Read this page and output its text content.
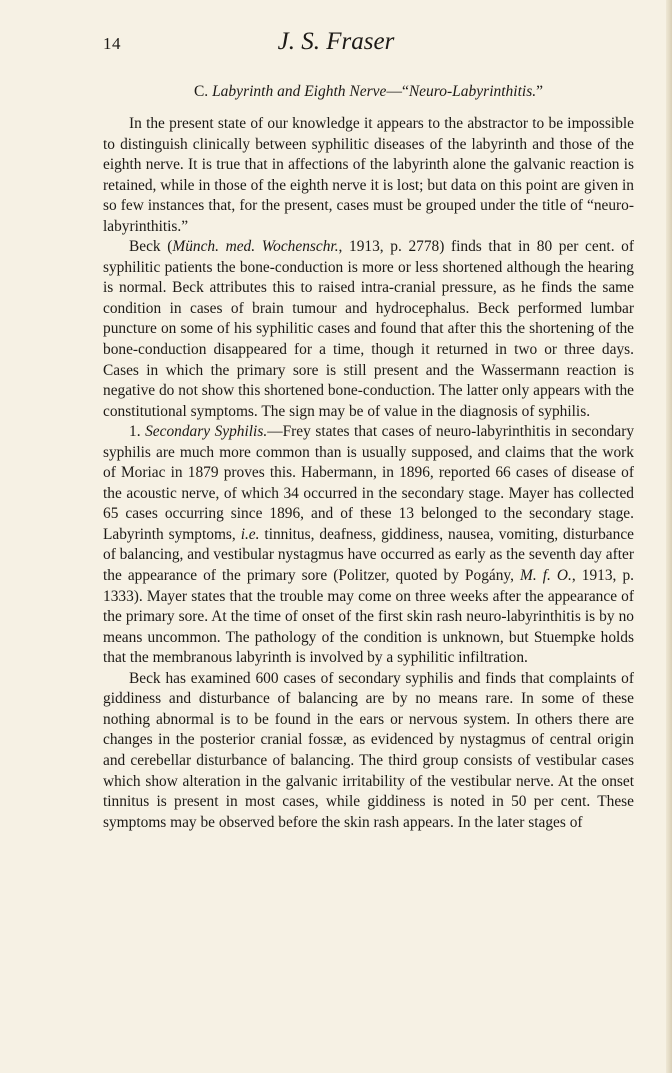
14	J. S. Fraser
C. Labyrinth and Eighth Nerve—“Neuro-Labyrinthitis.”

In the present state of our knowledge it appears to the abstractor to be impossible to distinguish clinically between syphilitic diseases of the labyrinth and those of the eighth nerve. It is true that in affections of the labyrinth alone the galvanic reaction is retained, while in those of the eighth nerve it is lost; but data on this point are given in so few instances that, for the present, cases must be grouped under the title of “neuro-labyrinthitis.”

Beck (Münch. med. Wochenschr., 1913, p. 2778) finds that in 80 per cent. of syphilitic patients the bone-conduction is more or less shortened although the hearing is normal. Beck attributes this to raised intra-cranial pressure, as he finds the same condition in cases of brain tumour and hydrocephalus. Beck performed lumbar puncture on some of his syphilitic cases and found that after this the shortening of the bone-conduction disappeared for a time, though it returned in two or three days. Cases in which the primary sore is still present and the Wassermann reaction is negative do not show this shortened bone-conduction. The latter only appears with the constitutional symptoms. The sign may be of value in the diagnosis of syphilis.

1. Secondary Syphilis.—Frey states that cases of neuro-labyrinthitis in secondary syphilis are much more common than is usually supposed, and claims that the work of Moriac in 1879 proves this. Habermann, in 1896, reported 66 cases of disease of the acoustic nerve, of which 34 occurred in the secondary stage. Mayer has collected 65 cases occurring since 1896, and of these 13 belonged to the secondary stage. Labyrinth symptoms, i.e. tinnitus, deafness, giddiness, nausea, vomiting, disturbance of balancing, and vestibular nystagmus have occurred as early as the seventh day after the appearance of the primary sore (Politzer, quoted by Pogány, M. f. O., 1913, p. 1333). Mayer states that the trouble may come on three weeks after the appearance of the primary sore. At the time of onset of the first skin rash neuro-labyrinthitis is by no means uncommon. The pathology of the condition is unknown, but Stuempke holds that the membranous labyrinth is involved by a syphilitic infiltration.

Beck has examined 600 cases of secondary syphilis and finds that complaints of giddiness and disturbance of balancing are by no means rare. In some of these nothing abnormal is to be found in the ears or nervous system. In others there are changes in the posterior cranial fossæ, as evidenced by nystagmus of central origin and cerebellar disturbance of balancing. The third group consists of vestibular cases which show alteration in the galvanic irritability of the vestibular nerve. At the onset tinnitus is present in most cases, while giddiness is noted in 50 per cent. These symptoms may be observed before the skin rash appears. In the later stages of
